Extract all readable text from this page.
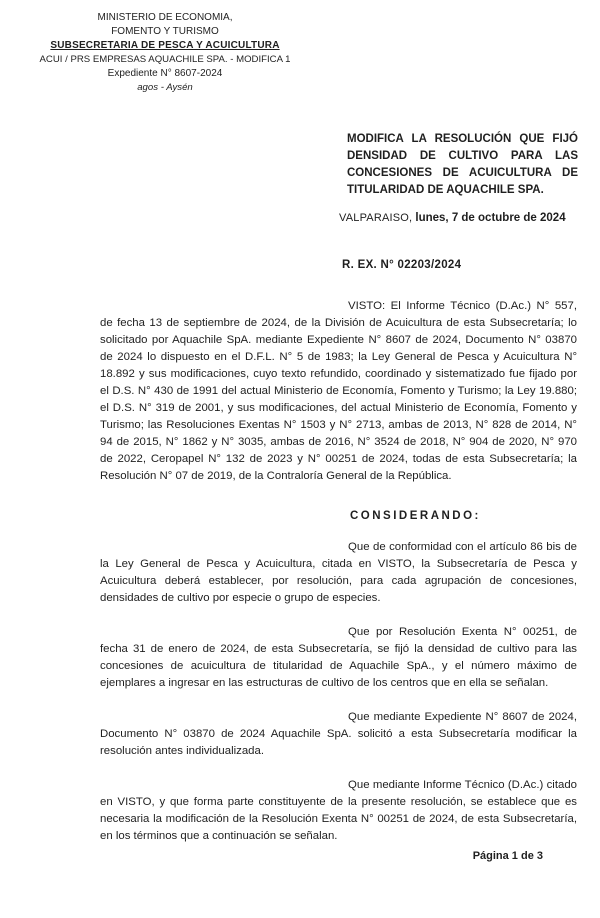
MINISTERIO DE ECONOMIA,
FOMENTO Y TURISMO
SUBSECRETARIA DE PESCA Y ACUICULTURA
ACUI / PRS EMPRESAS AQUACHILE SPA. - MODIFICA 1
Expediente N° 8607-2024
agos - Aysén
MODIFICA LA RESOLUCIÓN QUE FIJÓ DENSIDAD DE CULTIVO PARA LAS CONCESIONES DE ACUICULTURA DE TITULARIDAD DE AQUACHILE SPA.
VALPARAISO, lunes, 7 de octubre de 2024
R. EX. N° 02203/2024

VISTO: El Informe Técnico (D.Ac.) N° 557, de fecha 13 de septiembre de 2024, de la División de Acuicultura de esta Subsecretaría; lo solicitado por Aquachile SpA. mediante Expediente N° 8607 de 2024, Documento N° 03870 de 2024 lo dispuesto en el D.F.L. N° 5 de 1983; la Ley General de Pesca y Acuicultura N° 18.892 y sus modificaciones, cuyo texto refundido, coordinado y sistematizado fue fijado por el D.S. N° 430 de 1991 del actual Ministerio de Economía, Fomento y Turismo; la Ley 19.880; el D.S. N° 319 de 2001, y sus modificaciones, del actual Ministerio de Economía, Fomento y Turismo; las Resoluciones Exentas N° 1503 y N° 2713, ambas de 2013, N° 828 de 2014, N° 94 de 2015, N° 1862 y N° 3035, ambas de 2016, N° 3524 de 2018, N° 904 de 2020, N° 970 de 2022, Ceropapel N° 132 de 2023 y N° 00251 de 2024, todas de esta Subsecretaría; la Resolución N° 07 de 2019, de la Contraloría General de la República.

CONSIDERANDO:

Que de conformidad con el artículo 86 bis de la Ley General de Pesca y Acuicultura, citada en VISTO, la Subsecretaría de Pesca y Acuicultura deberá establecer, por resolución, para cada agrupación de concesiones, densidades de cultivo por especie o grupo de especies.

Que por Resolución Exenta N° 00251, de fecha 31 de enero de 2024, de esta Subsecretaría, se fijó la densidad de cultivo para las concesiones de acuicultura de titularidad de Aquachile SpA., y el número máximo de ejemplares a ingresar en las estructuras de cultivo de los centros que en ella se señalan.

Que mediante Expediente N° 8607 de 2024, Documento N° 03870 de 2024 Aquachile SpA. solicitó a esta Subsecretaría modificar la resolución antes individualizada.

Que mediante Informe Técnico (D.Ac.) citado en VISTO, y que forma parte constituyente de la presente resolución, se establece que es necesaria la modificación de la Resolución Exenta N° 00251 de 2024, de esta Subsecretaría, en los términos que a continuación se señalan.

Página 1 de 3
